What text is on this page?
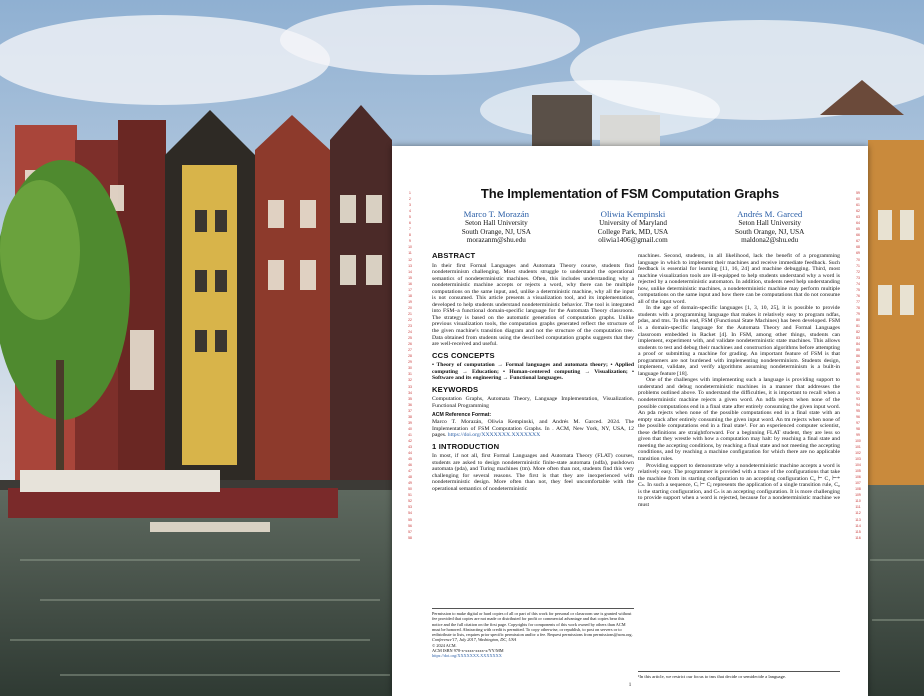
1
2
3
4
5
6
7
8
9
10
11
12
13
14
15
16
17
18
19
20
21
22
23
24
25
26
27
28
29
30
31
32
33
34
35
36
37
38
39
40
41
42
43
44
45
46
47
48
49
50
51
52
53
54
55
56
57
58

59
60
61
62
63
64
65
66
67
68
69
70
71
72
73
74
75
76
77
78
79
80
81
82
83
84
85
86
87
88
89
90
91
92
93
94
95
96
97
98
99
100
101
102
103
104
105
106
107
108
109
110
111
112
113
114
115
116

The Implementation of FSM Computation Graphs
Marco T. Morazán
Seton Hall University
South Orange, NJ, USA
morazanm@shu.edu
Oliwia Kempinski
University of Maryland
College Park, MD, USA
oliwia1406@gmail.com
Andrés M. Garced
Seton Hall University
South Orange, NJ, USA
maldona2@shu.edu
ABSTRACT

In their first Formal Languages and Automata Theory course, students find nondeterminism challenging. Most students struggle to understand the operational semantics of nondeterministic machines. Often, this includes understanding why a nondeterministic machine accepts or rejects a word, why there can be multiple computations on the same input, and, unlike a deterministic machine, why all the input is not consumed. This article presents a visualization tool, and its implementation, developed to help students understand nondeterministic behavior. The tool is integrated into FSM–a functional domain-specific language for the Automata Theory classroom. The strategy is based on the automatic generation of computation graphs. Unlike previous visualization tools, the computation graphs generated reflect the structure of the given machine's transition diagram and not the structure of the computation tree. Data obtained from students using the described computation graphs suggests that they are well-received and useful.

CCS CONCEPTS

• Theory of computation → Formal languages and automata theory; • Applied computing → Education; • Human-centered computing → Visualization; • Software and its engineering → Functional languages.

KEYWORDS

Computation Graphs, Automata Theory, Language Implementation, Visualization, Functional Programming

ACM Reference Format:

Marco T. Morazán, Oliwia Kempinski, and Andrés M. Garced. 2024. The Implementation of FSM Computation Graphs. In . ACM, New York, NY, USA, 12 pages. https://doi.org/XXXXXXX.XXXXXXX

1 INTRODUCTION

In most, if not all, first Formal Languages and Automata Theory (FLAT) courses, students are asked to design nondeterministic finite-state automata (ndfa), pushdown automata (pda), and Turing machines (tm). More often than not, students find this very challenging for several reasons. The first is that they are inexperienced with nondeterministic design. More often than not, they feel uncomfortable with the operational semantics of nondeterministic

Permission to make digital or hard copies of all or part of this work for personal or classroom use is granted without fee provided that copies are not made or distributed for profit or commercial advantage and that copies bear this notice and the full citation on the first page. Copyrights for components of this work owned by others than ACM must be honored. Abstracting with credit is permitted. To copy otherwise, or republish, to post on servers or to redistribute to lists, requires prior specific permission and/or a fee. Request permissions from permissions@acm.org.
Conference'17, July 2017, Washington, DC, USA
© 2024 ACM.
ACM ISBN 978-x-xxxx-xxxx-x/YY/MM
https://doi.org/XXXXXXX.XXXXXXX

machines. Second, students, in all likelihood, lack the benefit of a programming language in which to implement their machines and receive immediate feedback. Such feedback is essential for learning [11, 16, 24] and machine debugging. Third, most machine visualization tools are ill-equipped to help students understand why a word is rejected by a nondeterministic automaton. In addition, students need help understanding how, unlike deterministic machines, a nondeterministic machine may perform multiple computations on the same input and how there can be computations that do not consume all of the input word.

In the age of domain-specific languages [1, 3, 10, 25], it is possible to provide students with a programming language that makes it relatively easy to program ndfas, pdas, and tms. To this end, FSM (Functional State Machines) has been developed. FSM is a domain-specific language for the Automata Theory and Formal Languages classroom embedded in Racket [4]. In FSM, among other things, students can implement, experiment with, and validate nondeterministic state machines. This allows students to test and debug their machines and construction algorithms before attempting a proof or submitting a machine for grading. An important feature of FSM is that programmers are not burdened with implementing nondeterminism. Students design, implement, validate, and verify algorithms assuming nondeterminism is a built-in language feature [18].

One of the challenges with implementing such a language is providing support to understand and debug nondeterministic machines in a manner that addresses the problems outlined above. To understand the difficulties, it is important to recall when a nondeterministic machine rejects a given word. An ndfa rejects when none of the possible computations end in a final state after entirely consuming the given input word. An pda rejects when none of the possible computations end in a final state with an empty stack after entirely consuming the given input word. An tm rejects when none of the possible computations end in a final state¹. For an experienced computer scientist, these definitions are straightforward. For a beginning FLAT student, they are less so given that they wrestle with how a computation may halt: by reaching a final state and meeting the accepting conditions, by reaching a final state and not meeting the accepting conditions, and by reaching a machine configuration for which there are no applicable transition rules.

Providing support to demonstrate why a nondeterministic machine accepts a word is relatively easy. The programmer is provided with a trace of the configurations that take the machine from its starting configuration to an accepting configuration C₀ ⊢ C₁ ⊢* Cₙ. In such a sequence, Cᵢ ⊢ Cⱼ represents the application of a single transition rule, C₀ is the starting configuration, and Cₙ is an accepting configuration. It is more challenging to provide support when a word is rejected, because for a nondeterministic machine we must

¹In this article, we restrict our focus to tms that decide or semidecide a language.
1
